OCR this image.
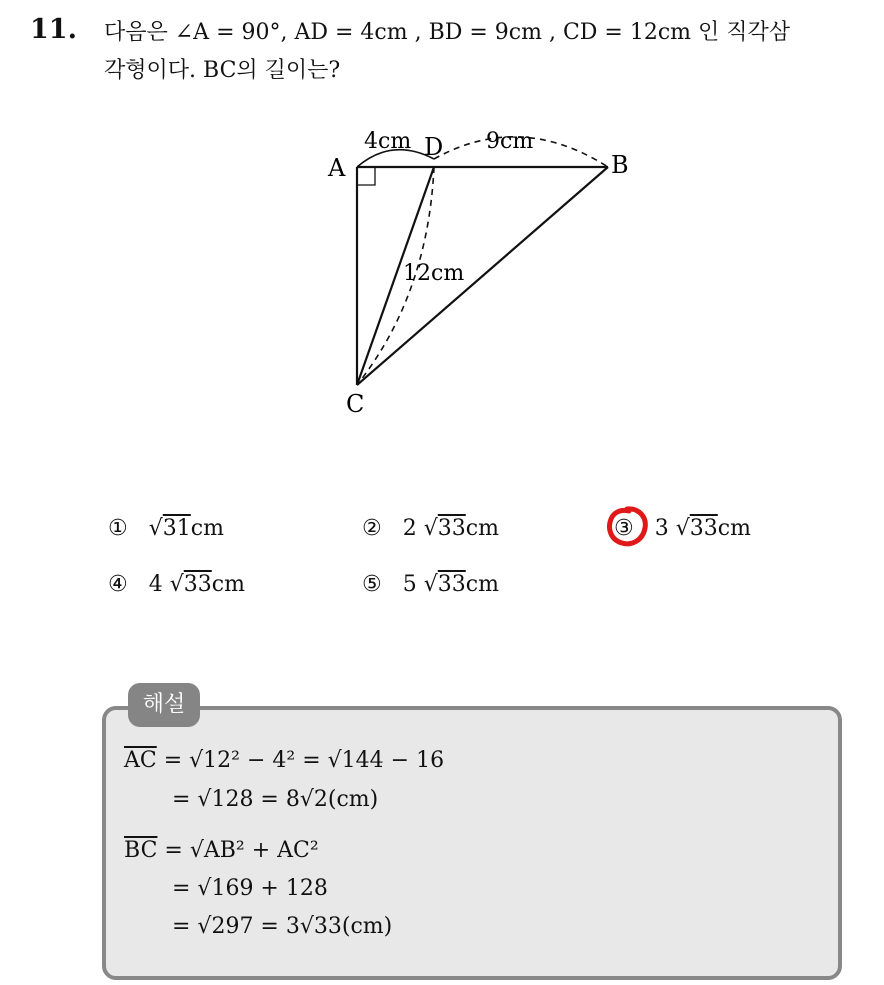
11. 다음은 ∠A = 90°, AD = 4cm , BD = 9cm , CD = 12cm 인 직각삼
각형이다. BC의 길이는?
A
D
B
C
4cm	9cm
12cm
① √31cm	② 2 √33cm	③ 3 √33cm
④ 4 √33cm	⑤ 5 √33cm
해설
$\overline{AC} = √12^2 - 4^2 = √144 - 16$
= √128 = 8√2(cm)
$\overline{BC} = √AB^2 + AC^2$
= √169 + 128
= √297 = 3√33(cm)
